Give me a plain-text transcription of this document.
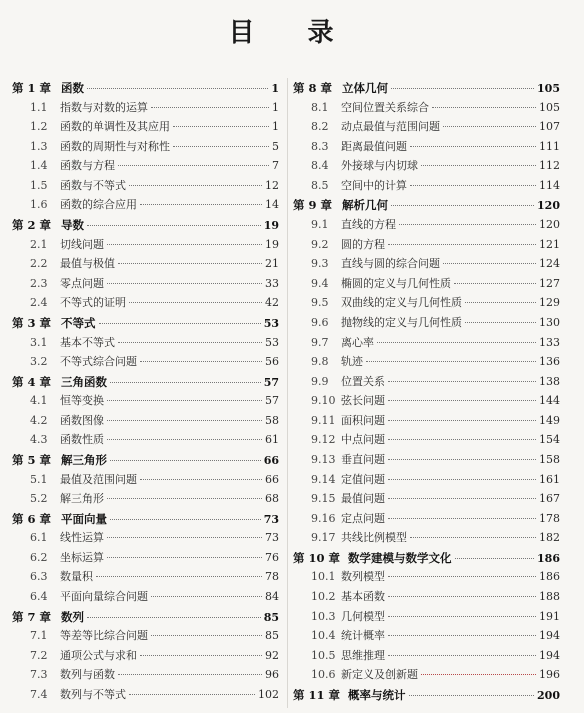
目 录
第 1 章 函数	1
1.1	指数与对数的运算	1
1.2	函数的单调性及其应用	1
1.3	函数的周期性与对称性	5
1.4	函数与方程	7
1.5	函数与不等式	12
1.6	函数的综合应用	14
第 2 章 导数	19
2.1	切线问题	19
2.2	最值与极值	21
2.3	零点问题	33
2.4	不等式的证明	42
第 3 章 不等式	53
3.1	基本不等式	53
3.2	不等式综合问题	56
第 4 章 三角函数	57
4.1	恒等变换	57
4.2	函数图像	58
4.3	函数性质	61
第 5 章 解三角形	66
5.1	最值及范围问题	66
5.2	解三角形	68
第 6 章 平面向量	73
6.1	线性运算	73
6.2	坐标运算	76
6.3	数量积	78
6.4	平面向量综合问题	84
第 7 章 数列	85
7.1	等差等比综合问题	85
7.2	通项公式与求和	92
7.3	数列与函数	96
7.4	数列与不等式	102
第 8 章 立体几何	105
8.1	空间位置关系综合	105
8.2	动点最值与范围问题	107
8.3	距离最值问题	111
8.4	外接球与内切球	112
8.5	空间中的计算	114
第 9 章 解析几何	120
9.1	直线的方程	120
9.2	圆的方程	121
9.3	直线与圆的综合问题	124
9.4	椭圆的定义与几何性质	127
9.5	双曲线的定义与几何性质	129
9.6	抛物线的定义与几何性质	130
9.7	离心率	133
9.8	轨迹	136
9.9	位置关系	138
9.10 弦长问题	144
9.11 面积问题	149
9.12 中点问题	154
9.13 垂直问题	158
9.14 定值问题	161
9.15 最值问题	167
9.16 定点问题	178
9.17 共线比例模型	182
第 10 章 数学建模与数学文化	186
10.1 数列模型	186
10.2 基本函数	188
10.3 几何模型	191
10.4 统计概率	194
10.5 思维推理	194
10.6 新定义及创新题	196
第 11 章 概率与统计	200
